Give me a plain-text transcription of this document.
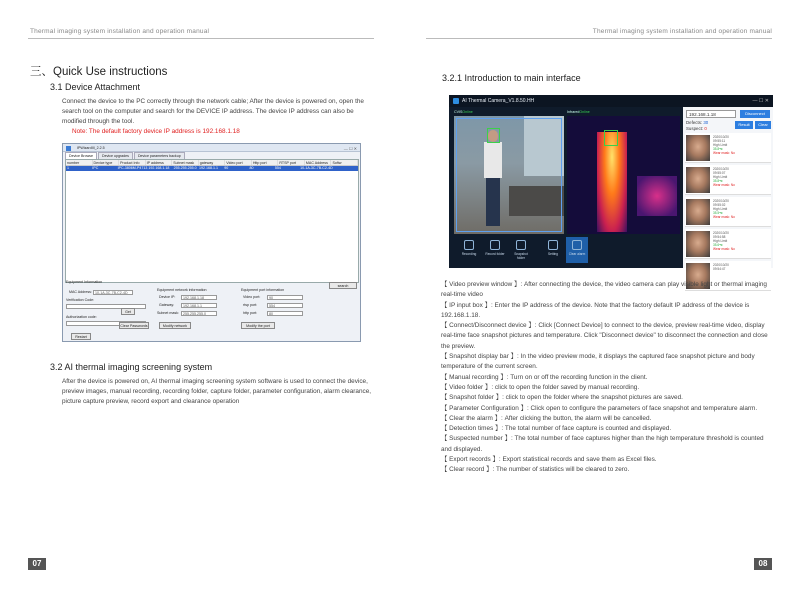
Thermal imaging system installation and operation manual
三、Quick Use instructions
3.1 Device Attachment
Connect the device to the PC correctly through the network cable; After the device is powered on, open the search tool on the computer and search for the DEVICE IP address. The device IP address can also be modified through the tool.
Note: The default factory device IP address is 192.168.1.18
IPWizardIII_2.2.5	— ☐ ✕
Device Browse	Device upgrades	Device parameters backup
number	Device type	Product Info	IP address	Subnet mask	gateway	Video port	Http port	RTSP port	MAC Address	Softw
1	IPC	IPC-3806M-P4713 192.168.1.18	255.255.255.0 192.168.1.1	90	80	554	10-1A-3C-7B-C2-4D
Equipment Information
search
MAC Address: 10-1A-3C-7B-C2-4D
Verification Code:
Get
Authorization code:
Clear Passwords
Restart
Equipment network information
Device IP:	192.168.1.18
Gateway:	192.168.1.1
Subnet mask:	255.255.255.0
Modify network
Equipment port information
Video port:	90
rtsp port:	554
http port:	80
Modify the port
3.2 AI thermal imaging screening system
After the device is powered on, AI thermal imaging screening system software is used to connect the device, preview images, manual recording, recording folder, capture folder, parameter configuration, alarm clearance, picture capture preview, record export and clearance operation
07
Thermal imaging system installation and operation manual
3.2.1 Introduction to main interface
08
AI Thermal Camera_V1.8.50.HH	— ☐ ✕
CVISOnline	InfraredOnline
Recording	Record folder	Snapshot folder
Setting	Clear alarm
192.168.1.18	Disconnect
Defects: 30
Suspect: 0
Result	Clear
2020/10/20
09:55:11
High Limit
35.8℃
Wear mask: No
2020/10/20
09:55:07
High Limit
35.8℃
Wear mask: No
2020/10/20
09:55:02
High Limit
35.5℃
Wear mask: No
2020/10/20
09:54:58
High Limit
35.6℃
Wear mask: No
2020/10/20
09:54:47

【 Video preview window 】: After connecting the device, the video camera can play visible light or thermal imaging real-time video

【 IP input box 】: Enter the IP address of the device. Note that the factory default IP address of the device is 192.168.1.18.

【 Connect/Disconnect device 】: Click [Connect Device] to connect to the device, preview real-time video, display real-time face snapshot pictures and temperature. Click "Disconnect device" to disconnect the connection and close the preview.

【 Snapshot display bar 】: In the video preview mode, it displays the captured face snapshot picture and body temperature of the current screen.

【 Manual recording 】: Turn on or off the recording function in the client.

【 Video folder 】: click to open the folder saved by manual recording.

【 Snapshot folder 】: click to open the folder where the snapshot pictures are saved.

【 Parameter Configuration 】: Click open to configure the parameters of face snapshot and temperature alarm.

【 Clear the alarm 】: After clicking the button, the alarm will be cancelled.

【 Detection times 】: The total number of face capture is counted and displayed.

【 Suspected number 】: The total number of face captures higher than the high temperature threshold is counted and displayed.

【 Export records 】: Export statistical records and save them as Excel files.

【 Clear record 】: The number of statistics will be cleared to zero.
